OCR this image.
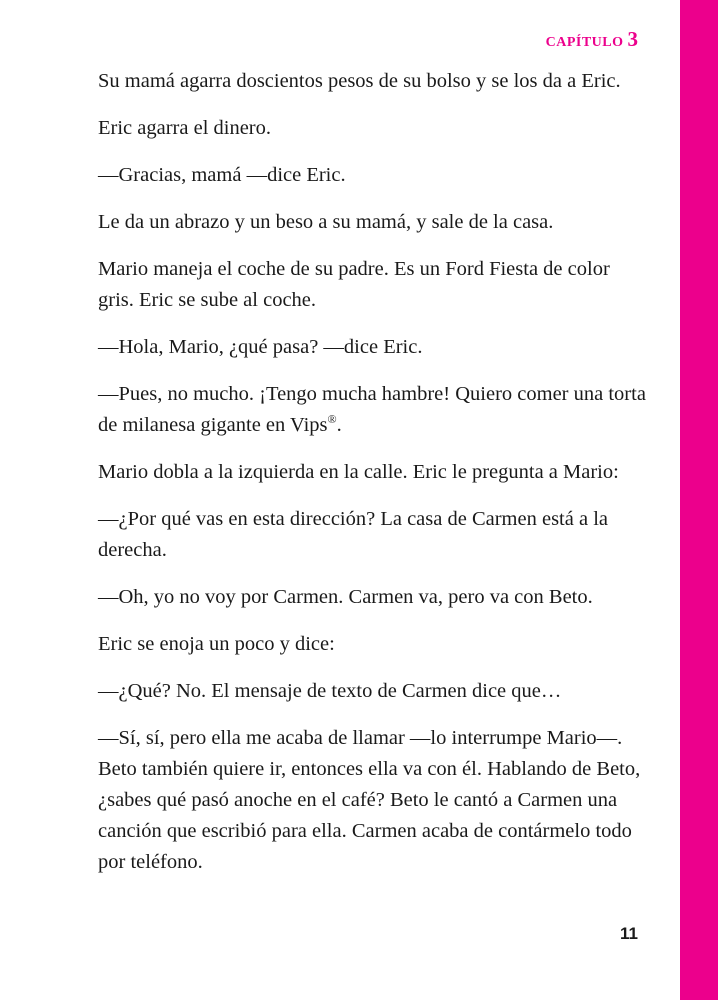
CAPÍTULO 3

Su mamá agarra doscientos pesos de su bolso y se los da a Eric.

Eric agarra el dinero.

—Gracias, mamá —dice Eric.

Le da un abrazo y un beso a su mamá, y sale de la casa.

Mario maneja el coche de su padre. Es un Ford Fiesta de color gris. Eric se sube al coche.

—Hola, Mario, ¿qué pasa? —dice Eric.

—Pues, no mucho. ¡Tengo mucha hambre! Quiero comer una torta de milanesa gigante en Vips®.

Mario dobla a la izquierda en la calle. Eric le pregunta a Mario:

—¿Por qué vas en esta dirección? La casa de Carmen está a la derecha.

—Oh, yo no voy por Carmen. Carmen va, pero va con Beto.

Eric se enoja un poco y dice:

—¿Qué? No. El mensaje de texto de Carmen dice que…

—Sí, sí, pero ella me acaba de llamar —lo interrumpe Mario—. Beto también quiere ir, entonces ella va con él. Hablando de Beto, ¿sabes qué pasó anoche en el café? Beto le cantó a Carmen una canción que escribió para ella. Carmen acaba de contármelo todo por teléfono.

11
